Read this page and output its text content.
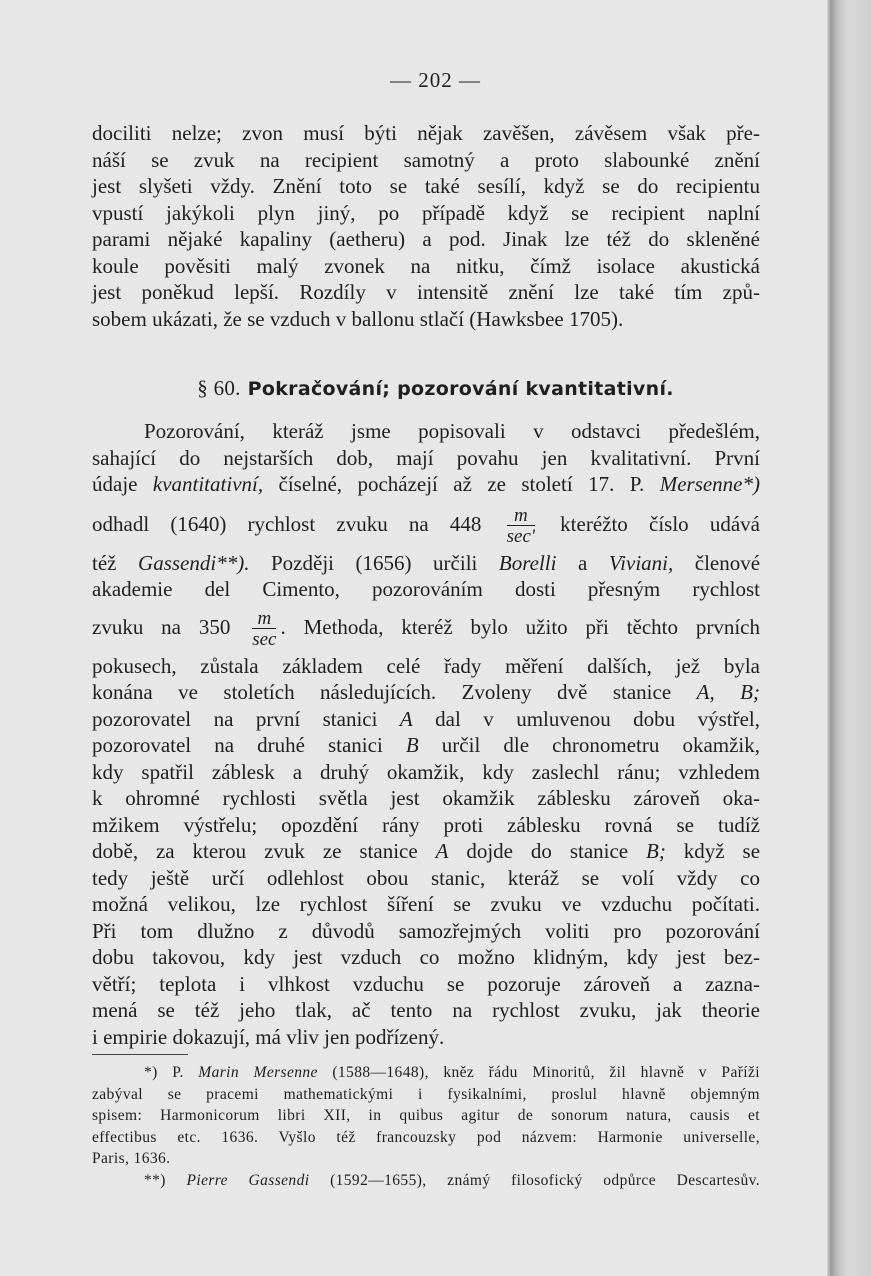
— 202 —
dociliti nelze; zvon musí býti nějak zavěšen, závěsem však pře-
náší se zvuk na recipient samotný a proto slabounké znění
jest slyšeti vždy. Znění toto se také sesílí, když se do recipientu
vpustí jakýkoli plyn jiný, po případě když se recipient naplní
parami nějaké kapaliny (aetheru) a pod. Jinak lze též do skleněné
koule pověsiti malý zvonek na nitku, čímž isolace akustická
jest poněkud lepší. Rozdíly v intensitě znění lze také tím způ-
sobem ukázati, že se vzduch v ballonu stlačí (Hawksbee 1705).
§ 60. Pokračování; pozorování kvantitativní.
Pozorování, kteráž jsme popisovali v odstavci předešlém,
sahající do nejstarších dob, mají povahu jen kvalitativní. První
údaje kvantitativní, číselné, pocházejí až ze století 17. P. Mersenne*)
odhadl (1640) rychlost zvuku na $448 \frac{m}{\sec'}$ kteréžto číslo udává
též Gassendi**). Později (1656) určili Borelli a Viviani, členové
akademie del Cimento, pozorováním dosti přesným rychlost
zvuku na $350 \frac{m}{\sec}$ . Methoda, kteréž bylo užito při těchto prvních
pokusech, zůstala základem celé řady měření dalších, jež byla
konána ve stoletích následujících. Zvoleny dvě stanice A, B;
pozorovatel na první stanici A dal v umluvenou dobu výstřel,
pozorovatel na druhé stanici B určil dle chronometru okamžik,
kdy spatřil záblesk a druhý okamžik, kdy zaslechl ránu; vzhledem
k ohromné rychlosti světla jest okamžik záblesku zároveň oka-
mžikem výstřelu; opozdění rány proti záblesku rovná se tudíž
době, za kterou zvuk ze stanice A dojde do stanice B; když se
tedy ještě určí odlehlost obou stanic, kteráž se volí vždy co
možná velikou, lze rychlost šíření se zvuku ve vzduchu počítati.
Při tom dlužno z důvodů samozřejmých voliti pro pozorování
dobu takovou, kdy jest vzduch co možno klidným, kdy jest bez-
větří; teplota i vlhkost vzduchu se pozoruje zároveň a zazna-
mená se též jeho tlak, ač tento na rychlost zvuku, jak theorie
i empirie dokazují, má vliv jen podřízený.
*) P. Marin Mersenne (1588—1648), kněz řádu Minoritů, žil hlavně v Paříži
zabýval se pracemi mathematickými i fysikalními, proslul hlavně objemným
spisem: Harmonicorum libri XII, in quibus agitur de sonorum natura, causis et
effectibus etc. 1636. Vyšlo též francouzsky pod názvem: Harmonie universelle,
Paris, 1636.
**) Pierre Gassendi (1592—1655), známý filosofický odpůrce Descartesův.
